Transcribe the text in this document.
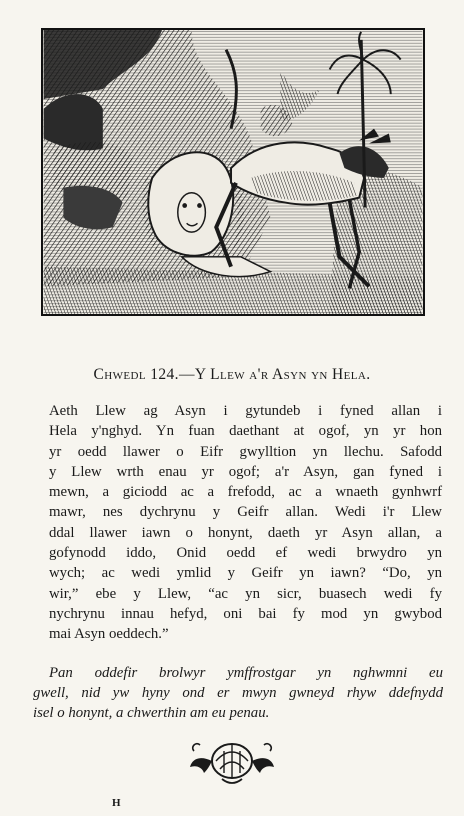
Chwedl 124.—Y Llew a'r Asyn yn Hela.

Aeth Llew ag Asyn i gytundeb i fyned allan i
Hela y'nghyd. Yn fuan daethant at ogof, yn yr hon
yr oedd llawer o Eifr gwylltion yn llechu. Safodd
y Llew wrth enau yr ogof; a'r Asyn, gan fyned i
mewn, a giciodd ac a frefodd, ac a wnaeth gynhwrf
mawr, nes dychrynu y Geifr allan. Wedi i'r Llew
ddal llawer iawn o honynt, daeth yr Asyn allan, a
gofynodd iddo, Onid oedd ef wedi brwydro yn
wych; ac wedi ymlid y Geifr yn iawn? “Do, yn
wir,” ebe y Llew, “ac yn sicr, buasech wedi fy
nychrynu innau hefyd, oni bai fy mod yn gwybod
mai Asyn oeddech.”

Pan oddefir brolwyr ymffrostgar yn nghwmni eu
gwell, nid yw hyny ond er mwyn gwneyd rhyw ddefnydd
isel o honynt, a chwerthin am eu penau.

H
